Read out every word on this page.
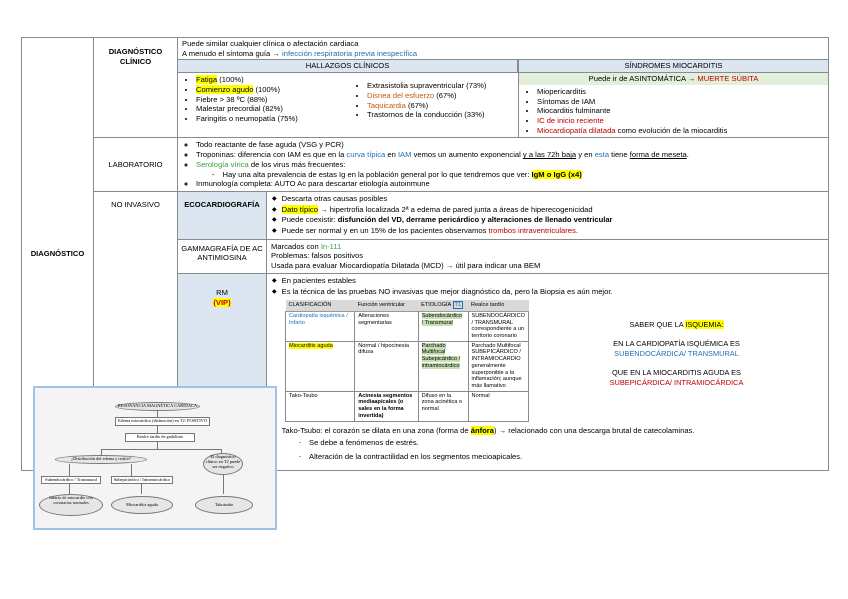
DIAGNÓSTICO	
DIAGNÓSTICO CLÍNICO

Puede similar cualquier clínica o afectación cardiaca
A menudo el síntoma guía → infección respiratoria previa inespecífica
HALLAZGOS CLÍNICOS
• Fatiga (100%)
• Comienzo agudo (100%)
• Fiebre > 38 ºC (88%)
• Malestar precordial (82%)
• Faringitis o neumopatía (75%)
• Extrasistolia supraventricular (73%)
• Disnea del esfuerzo (67%)
• Taquicardia (67%)
• Trastornos de la conducción (33%)
SÍNDROMES MIOCARDITIS
Puede ir de ASINTOMÁTICA → MUERTE SÚBITA
• Miopericarditis
• Síntomas de IAM
• Miocarditis fulminante
• IC de inicio reciente
• Miocardiopatía dilatada como evolución de la miocarditis

LABORATORIO	
◦ Todo reactante de fase aguda (VSG y PCR)
◦ Troponinas: diferencia con IAM es que en la curva típica en IAM vemos un aumento exponencial y a las 72h baja y en esta tiene forma de meseta.
◦ Serología vírica de los virus más frecuentes:
- Hay una alta prevalencia de estas Ig en la población general por lo que tendremos que ver: IgM o IgG (x4)
◦ Inmunología completa: AUTO Ac para descartar etiología autoinmune

NO INVASIVO	ECOCARDIOGRAFÍA
◆ Descarta otras causas posibles
◆ Dato típico → hipertrofia localizada 2ª a edema de pared junta a áreas de hiperecogenicidad
◆ Puede coexistir: disfunción del VD, derrame pericárdico y alteraciones de llenado ventricular
◆ Puede ser normal y en un 15% de los pacientes observamos trombos intraventriculares.
GAMMAGRAFÍA DE AC ANTIMIOSINA
Marcados con In-111
Problemas: falsos positivos
Usada para evaluar Miocardiopatía Dilatada (MCD) → útil para indicar una BEM
RM
(VIP)
◆ En pacientes estables
◆ Es la técnica de las pruebas NO invasivas que mejor diagnóstico da, pero la Biopsia es aún mejor.
CLASIFICACIÓN	Función ventricular	ETIOLOGÍA T1	Realce tardío
Cardiopatía isquémica / Infarto	Alteraciones segmentarias	Subendocárdico / Transmural	SUBENDOCÁRDICO / TRANSMURAL correspondiente a un territorio coronario
Miocarditis aguda	Normal / hipocinesia difusa	Parchado Multifocal Subepicárdico / intramiocárdico	Parchado Multifocal SUBEPICÁRDICO / INTRAMIOCARDIO generalmente superponible a la inflamación; aunque más llamativo
Tako-Tsubo	Acinesia segmentos mediaapicales (o sales en la forma invertida)	Difuso en la zona acinética o normal	Normal
SABER QUE LA ISQUEMIA:
EN LA CARDIOPATÍA ISQUÉMICA ES
SUBENDOCÁRDICA/ TRANSMURAL
QUE EN LA MIOCARDITIS AGUDA ES
SUBEPICÁRDICA/ INTRAMIOCÁRDICA
◆ Tako-Tsubo: el corazón se dilata en una zona (forma de ánfora) → relacionado con una descarga brutal de catecolaminas.
- Se debe a fenómenos de estrés.
- Alteración de la contractilidad en los segmentos mecioapicales.
RESONANCIA MAGNÉTICA CARDIACA
Edema miocárdico (disfunción) en T2: POSITIVO
Realce tardío de gadolinio
¿Distribución del edema y realce?	El diagnóstico clínico en T2 puede ser negativo
Subendocárdico / Transmural	Subepicárdico / Intramiocárdico
Infarto de miocardio con coronarias normales	Miocarditis aguda	Takotsubo
